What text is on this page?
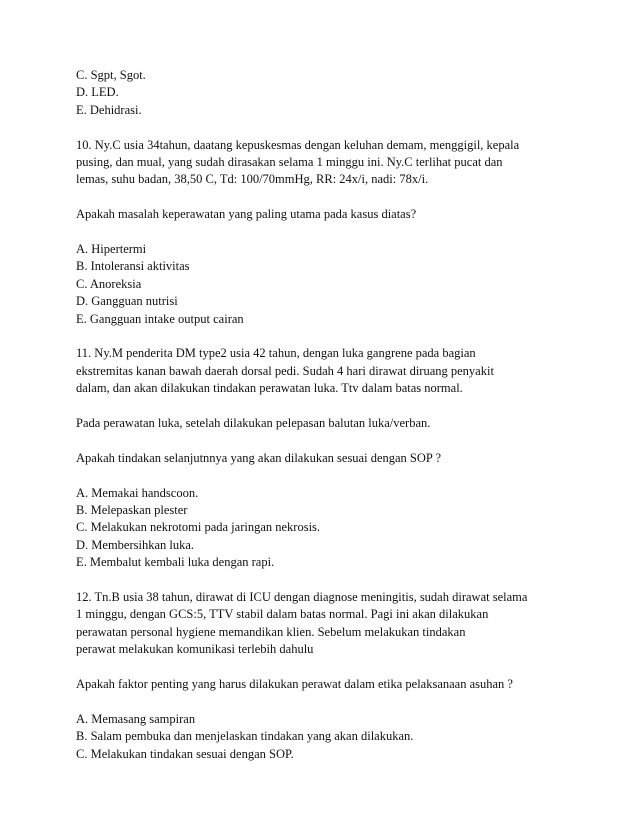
C. Sgpt, Sgot.
D. LED.
E. Dehidrasi.
10. Ny.C usia 34tahun, daatang kepuskesmas dengan keluhan demam, menggigil, kepala
pusing, dan mual, yang sudah dirasakan selama 1 minggu ini. Ny.C terlihat pucat dan
lemas, suhu badan, 38,50 C, Td: 100/70mmHg, RR: 24x/i, nadi: 78x/i.
Apakah masalah keperawatan yang paling utama pada kasus diatas?
A. Hipertermi
B. Intoleransi aktivitas
C. Anoreksia
D. Gangguan nutrisi
E. Gangguan intake output cairan
11. Ny.M penderita DM type2 usia 42 tahun, dengan luka gangrene pada bagian
ekstremitas kanan bawah daerah dorsal pedi. Sudah 4 hari dirawat diruang penyakit
dalam, dan akan dilakukan tindakan perawatan luka. Ttv dalam batas normal.
Pada perawatan luka, setelah dilakukan pelepasan balutan luka/verban.
Apakah tindakan selanjutnnya yang akan dilakukan sesuai dengan SOP ?
A. Memakai handscoon.
B. Melepaskan plester
C. Melakukan nekrotomi pada jaringan nekrosis.
D. Membersihkan luka.
E. Membalut kembali luka dengan rapi.
12. Tn.B usia 38 tahun, dirawat di ICU dengan diagnose meningitis, sudah dirawat selama
1 minggu, dengan GCS:5, TTV stabil dalam batas normal. Pagi ini akan dilakukan
perawatan personal hygiene memandikan klien. Sebelum melakukan tindakan
perawat melakukan komunikasi terlebih dahulu
Apakah faktor penting yang harus dilakukan perawat dalam etika pelaksanaan asuhan ?
A. Memasang sampiran
B. Salam pembuka dan menjelaskan tindakan yang akan dilakukan.
C. Melakukan tindakan sesuai dengan SOP.
